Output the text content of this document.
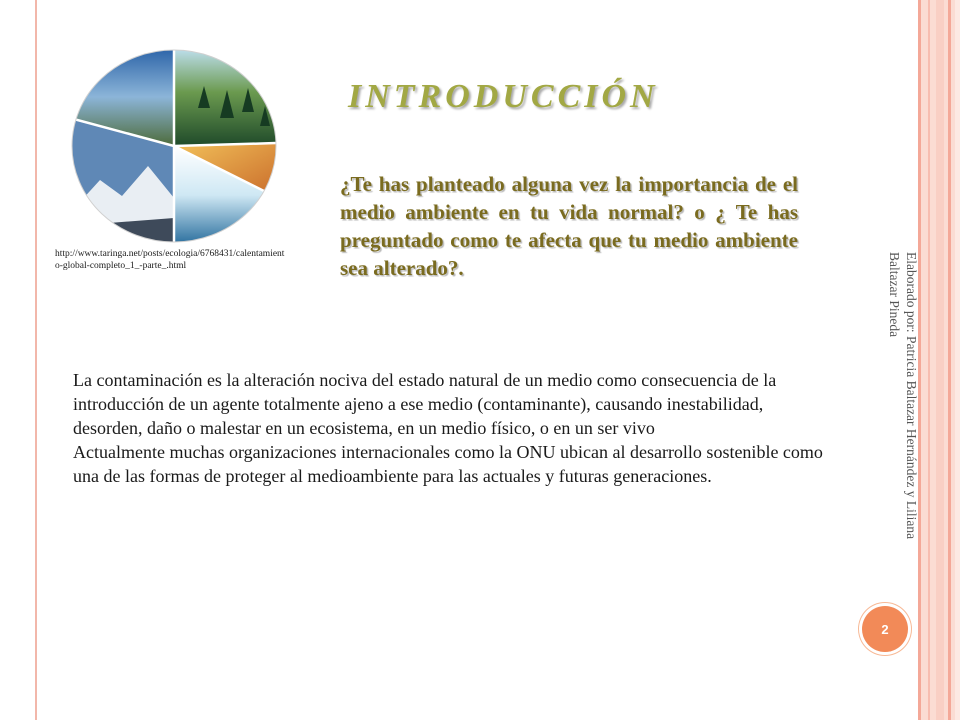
http://www.taringa.net/posts/ecologia/6768431/calentamiento-global-completo_1_-parte_.html

INTRODUCCIÓN

¿Te has planteado alguna vez la importancia de el medio ambiente en tu vida normal? o ¿ Te has preguntado como te afecta que tu medio ambiente sea alterado?.

La contaminación es la alteración nociva del estado natural de un medio como consecuencia de la introducción de un agente totalmente ajeno a ese medio (contaminante), causando inestabilidad, desorden, daño o malestar en un ecosistema, en un medio físico, o en un ser vivo

Actualmente muchas organizaciones internacionales como la ONU ubican al desarrollo sostenible como una de las formas de proteger al medioambiente para las actuales y futuras generaciones.	Elaborado por: Patricia Baltazar Hernández y Liliana Baltazar Pineda

2
